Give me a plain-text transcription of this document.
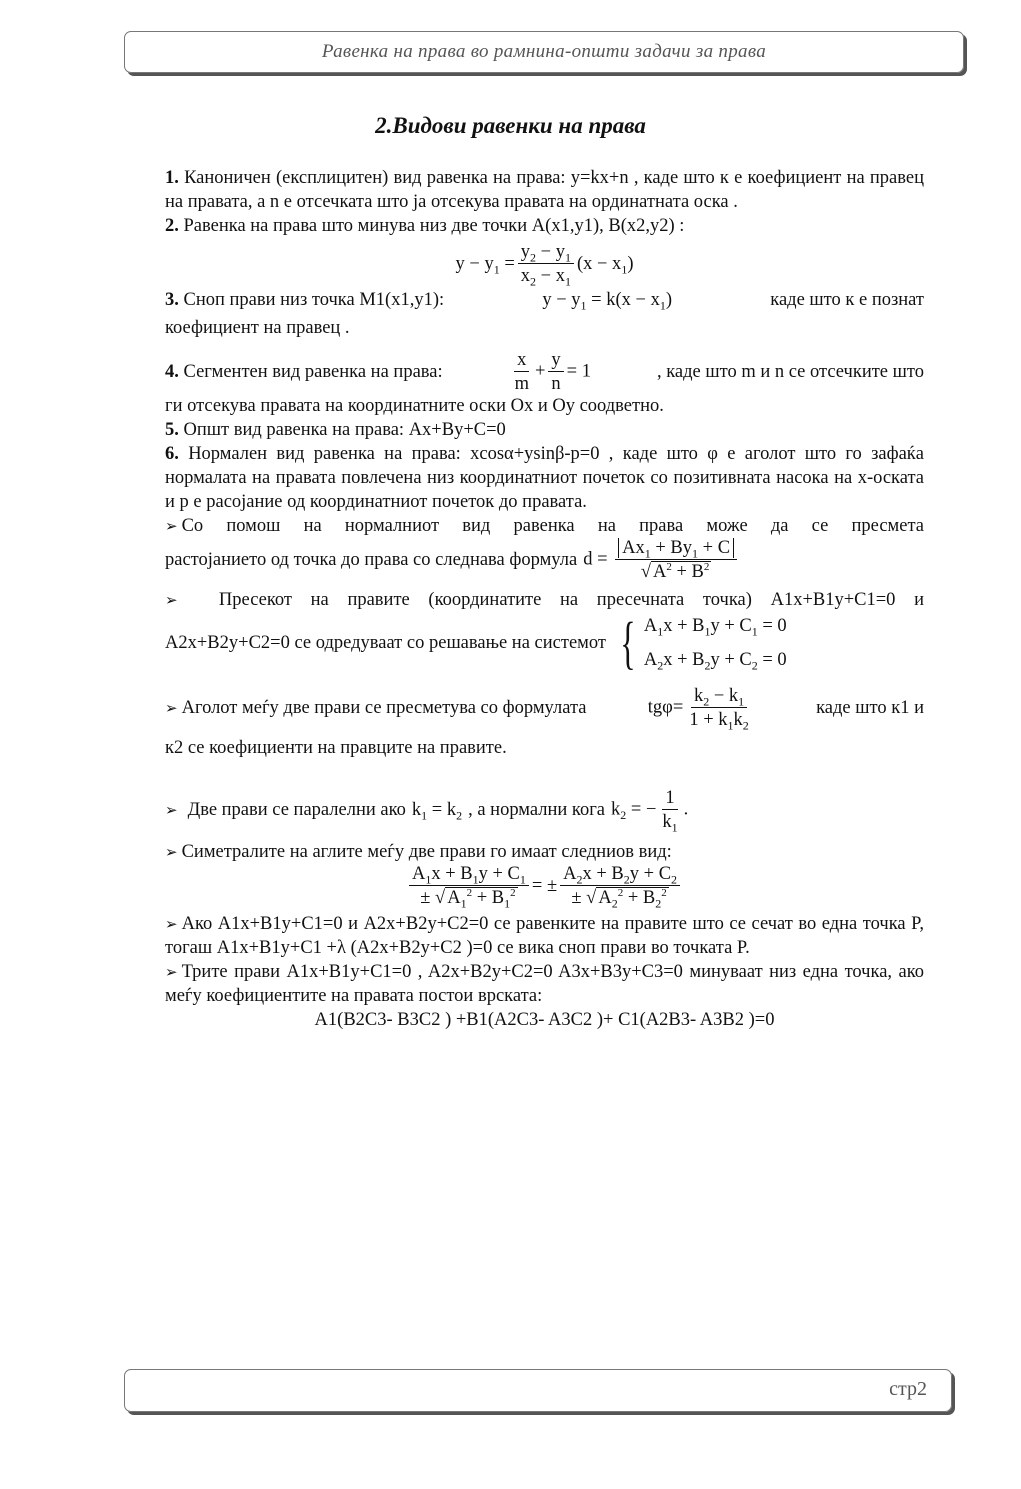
Равенка на права во рамнина-општи задачи за права
2.Видови равенки на права
1. Канoничен (експлицитен) вид равенка на права: y=kx+n , каде што к е коефициент на правец на правата, а n е отсечката што ја отсекува правата на ординатната оска .
2. Равенка на права што минува низ две точки A(x1,y1), B(x2,y2) :
$y - y_1 = \frac{y_2 - y_1}{x_2 - x_1} (x - x_1)$
3. Сноп прави низ точка M1(x1,y1):	$y - y_1 = k(x - x_1)$	каде што к е познат
коефициент на правец .
4. Сегментен вид равенка на права:	$\frac{x}{m} + \frac{y}{n} = 1$	, каде што m и n се отсечките што
ги отсекува правата на координатните оски Ох и Оу соодветно.
5. Општ вид равенка на права: Ax+By+C=0
6. Нормален вид равенка на права: xcosα+ysinβ-p=0 , каде што φ е аголот што го зафаќа нормалата на правата повлечена низ координатниот почеток со позитивната насока на x-оската и p е расојание од координатниот почеток до правата.
➢ Со помош на нормалниот вид равенка на права може да се пресмета
растојанието од точка до права со следнава формула $d = \frac{Ax_1 + By_1 + C}{√ A^2 + B^2}$
➢ Пресекот на правите (координатите на пресечната точка) A1x+B1y+C1=0 и
A2x+B2y+C2=0 се одредуваат со решавање на системот { $A_1x + B_1y + C_1 = 0$
$A_2x + B_2y + C_2 = 0$
➢ Аголот меѓу две прави се пресметува со формулата	$tg\varphi= \frac{k_2 - k_1}{1 + k_1k_2}$	каде што к1 и
к2 се коефициенти на правците на правите.
➢ Две прави се паралелни ако $k_1 = k_2$ , а нормални кога $k_2$ = − $\frac{1}{k_1}$ .
➢ Симетралите на аглите меѓу две прави го имаат следниов вид:
$\frac{A_1x + B_1y + C_1}{\pm √ A_1^2 + B_1^2}$ = ± $\frac{A_2x + B_2y + C_2}{\pm √ A_2^2 + B_2^2}$
➢ Ако A1x+B1y+C1=0 и A2x+B2y+C2=0 се равенките на правите што се сечат во една точка P, тогаш A1x+B1y+C1 +λ (A2x+B2y+C2 )=0 се вика сноп прави во точката P.
➢ Трите прави A1x+B1y+C1=0 , A2x+B2y+C2=0 A3x+B3y+C3=0 минуваат низ една точка, ако меѓу коефициентите на правата постои врската:
A1(B2C3- B3C2 ) +B1(A2C3- A3C2 )+ C1(A2B3- A3B2 )=0
стр2
